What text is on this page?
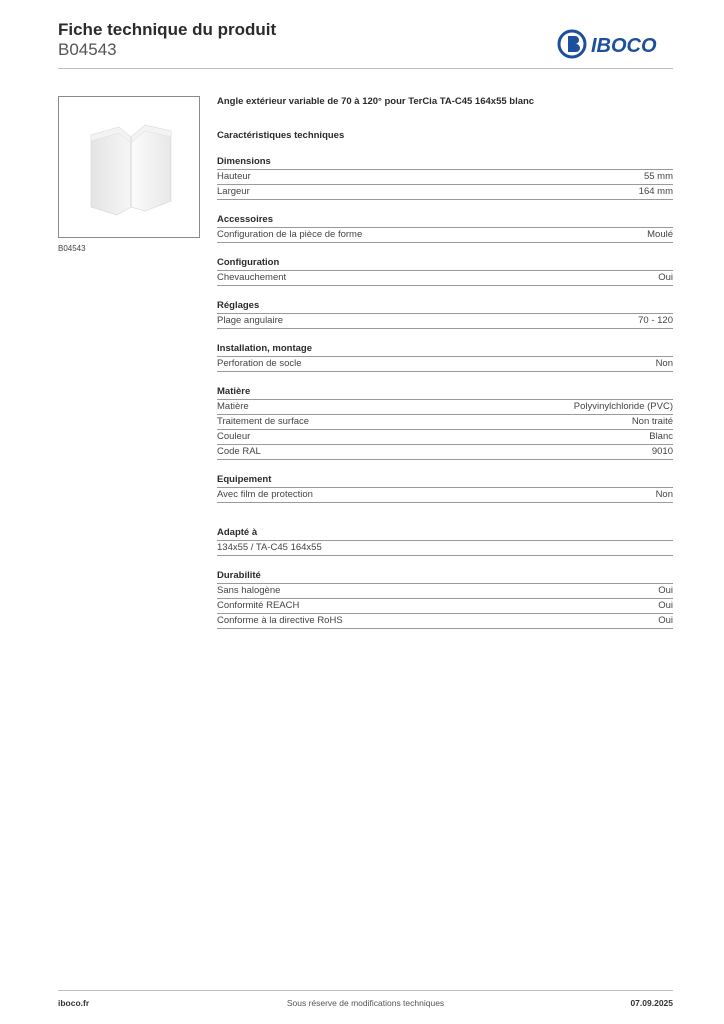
Fiche technique du produit
B04543	IBOCO
B04543

Angle extérieur variable de 70 à 120° pour TerCia TA-C45 164x55 blanc

Caractéristiques techniques
Dimensions
Hauteur	55 mm
Largeur	164 mm
Accessoires
Configuration de la pièce de forme	Moulé
Configuration
Chevauchement	Oui
Réglages
Plage angulaire	70 - 120
Installation, montage
Perforation de socle	Non
Matière
Matière	Polyvinylchloride (PVC)
Traitement de surface	Non traité
Couleur	Blanc
Code RAL	9010
Equipement
Avec film de protection	Non
Adapté à
134x55 / TA-C45 164x55
Durabilité
Sans halogène	Oui
Conformité REACH	Oui
Conforme à la directive RoHS	Oui
iboco.fr	Sous réserve de modifications techniques	07.09.2025
